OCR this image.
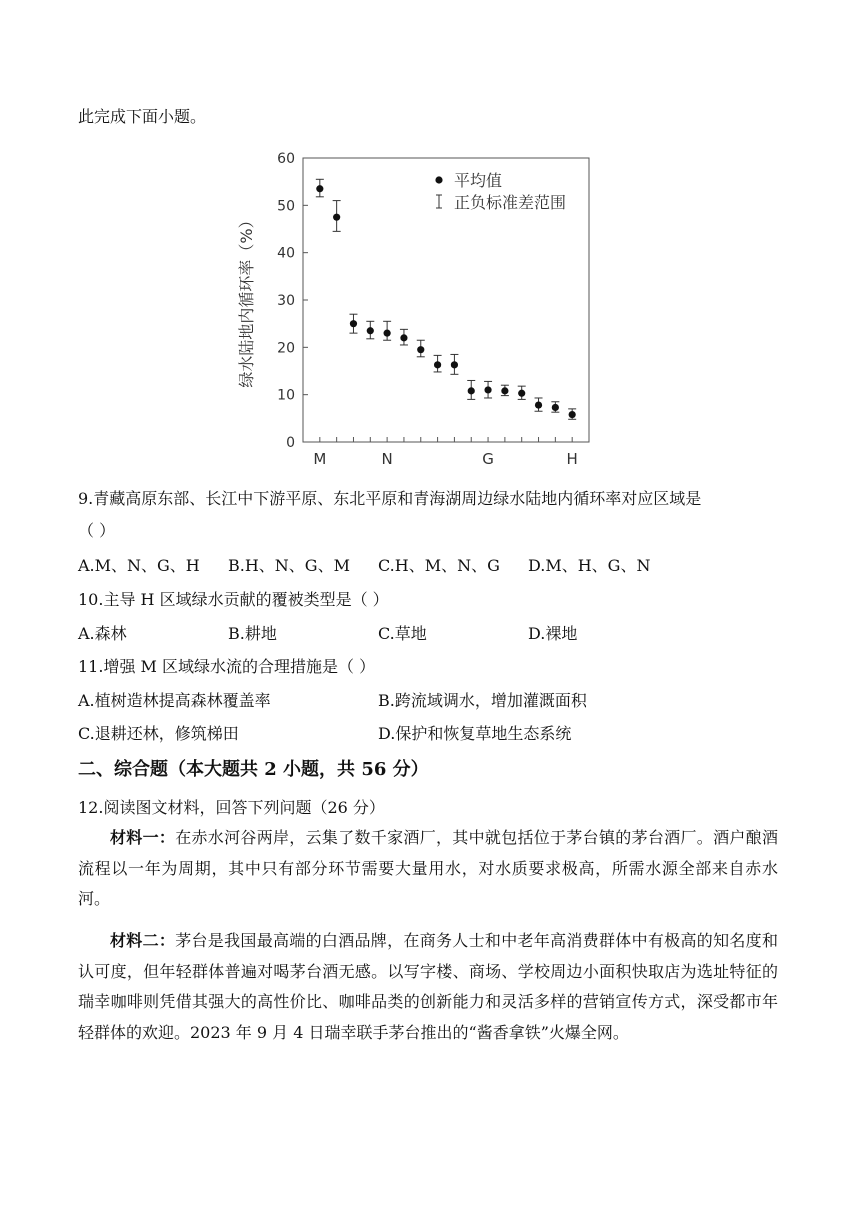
此完成下面小题。
0
10
20
30
40
50
60
M	N	G	H
绿水陆地内循环率（%）
平均值
正负标准差范围
9.青藏高原东部、长江中下游平原、东北平原和青海湖周边绿水陆地内循环率对应区域是
（ ）
A.M、N、G、H B.H、N、G、M C.H、M、N、G D.M、H、G、N
10.主导 H 区域绿水贡献的覆被类型是（ ）
A.森林	B.耕地	C.草地	D.裸地
11.增强 M 区域绿水流的合理措施是（ ）
A.植树造林提高森林覆盖率	B.跨流域调水，增加灌溉面积
C.退耕还林，修筑梯田	D.保护和恢复草地生态系统
二、综合题（本大题共 2 小题，共 56 分）
12.阅读图文材料，回答下列问题（26 分）
材料一：在赤水河谷两岸，云集了数千家酒厂，其中就包括位于茅台镇的茅台酒厂。酒户酿酒流程以一年为周期，其中只有部分环节需要大量用水，对水质要求极高，所需水源全部来自赤水河。
材料二：茅台是我国最高端的白酒品牌，在商务人士和中老年高消费群体中有极高的知名度和认可度，但年轻群体普遍对喝茅台酒无感。以写字楼、商场、学校周边小面积快取店为选址特征的瑞幸咖啡则凭借其强大的高性价比、咖啡品类的创新能力和灵活多样的营销宣传方式，深受都市年轻群体的欢迎。2023 年 9 月 4 日瑞幸联手茅台推出的“酱香拿铁”火爆全网。
